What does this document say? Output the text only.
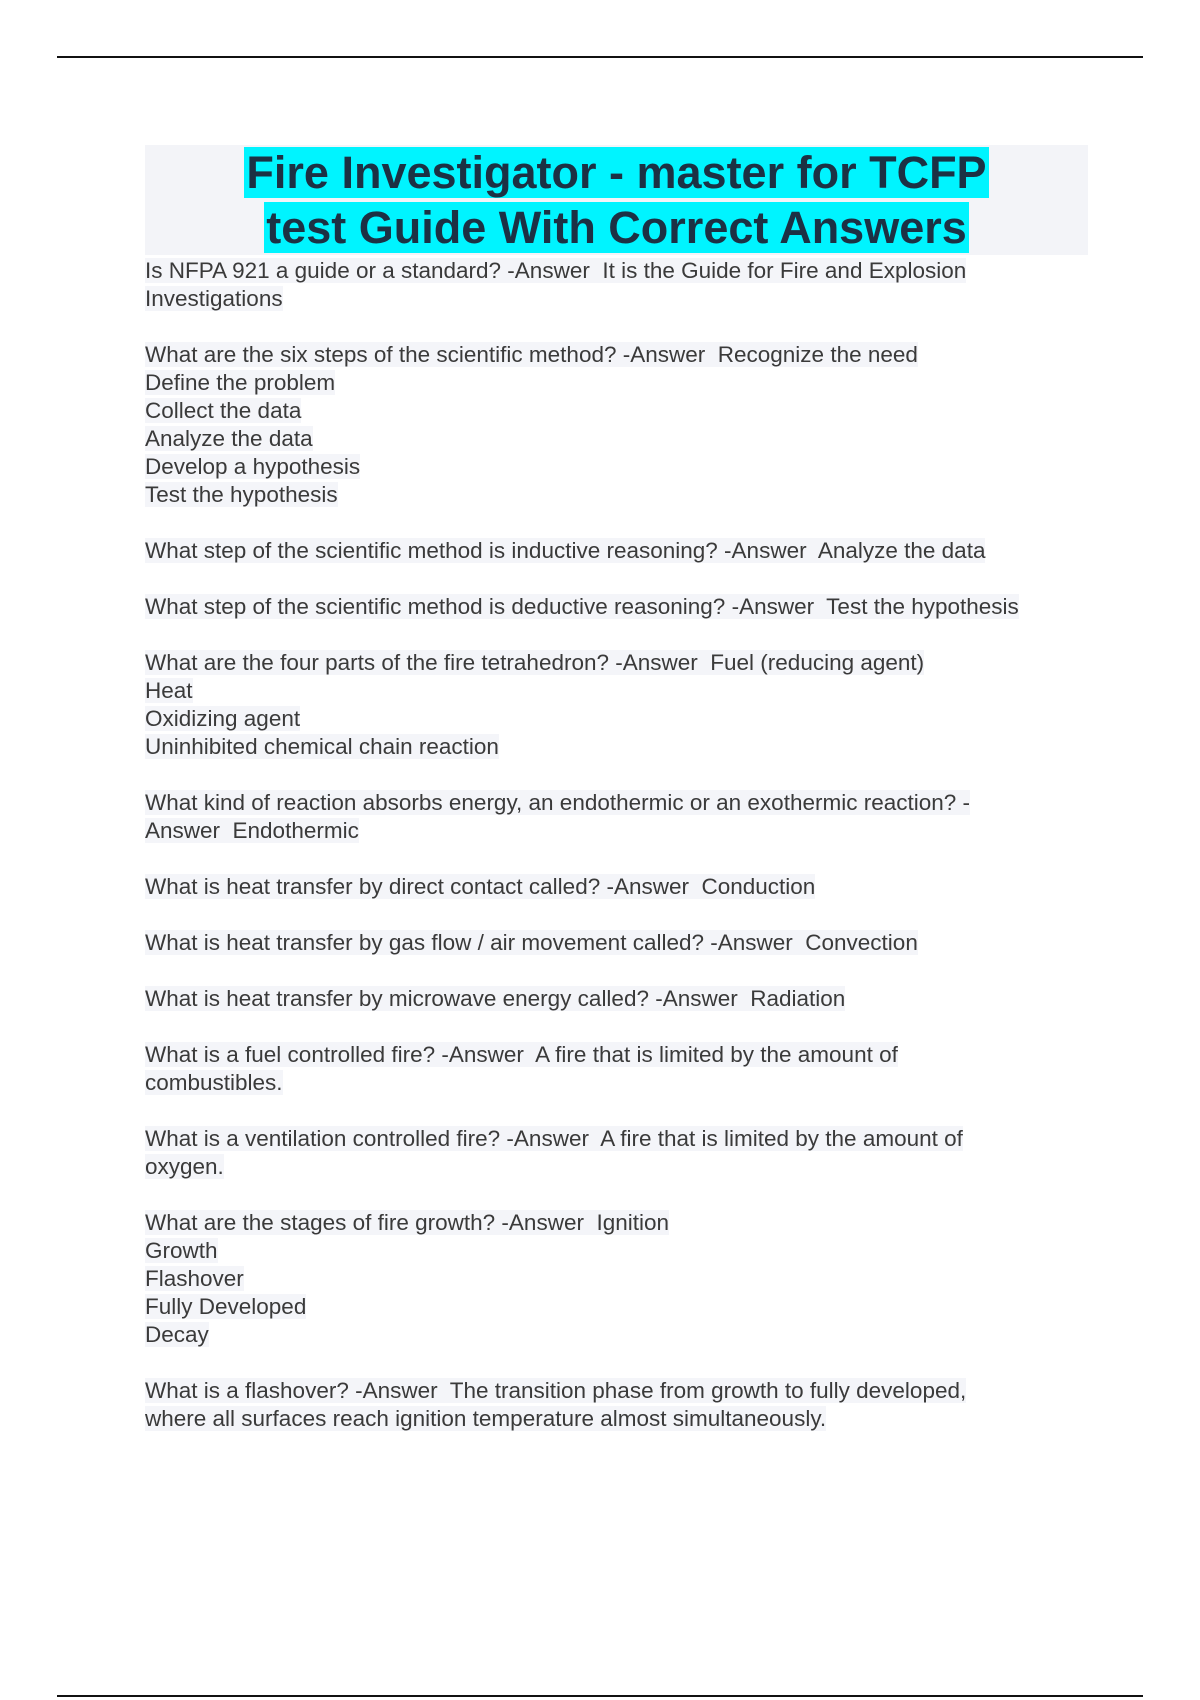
Fire Investigator - master for TCFP
test Guide With Correct Answers
Is NFPA 921 a guide or a standard? -Answer  It is the Guide for Fire and Explosion
Investigations
What are the six steps of the scientific method? -Answer  Recognize the need
Define the problem
Collect the data
Analyze the data
Develop a hypothesis
Test the hypothesis
What step of the scientific method is inductive reasoning? -Answer  Analyze the data
What step of the scientific method is deductive reasoning? -Answer  Test the hypothesis
What are the four parts of the fire tetrahedron? -Answer  Fuel (reducing agent)
Heat
Oxidizing agent
Uninhibited chemical chain reaction
What kind of reaction absorbs energy, an endothermic or an exothermic reaction? -
Answer  Endothermic
What is heat transfer by direct contact called? -Answer  Conduction
What is heat transfer by gas flow / air movement called? -Answer  Convection
What is heat transfer by microwave energy called? -Answer  Radiation
What is a fuel controlled fire? -Answer  A fire that is limited by the amount of
combustibles.
What is a ventilation controlled fire? -Answer  A fire that is limited by the amount of
oxygen.
What are the stages of fire growth? -Answer  Ignition
Growth
Flashover
Fully Developed
Decay
What is a flashover? -Answer  The transition phase from growth to fully developed,
where all surfaces reach ignition temperature almost simultaneously.
